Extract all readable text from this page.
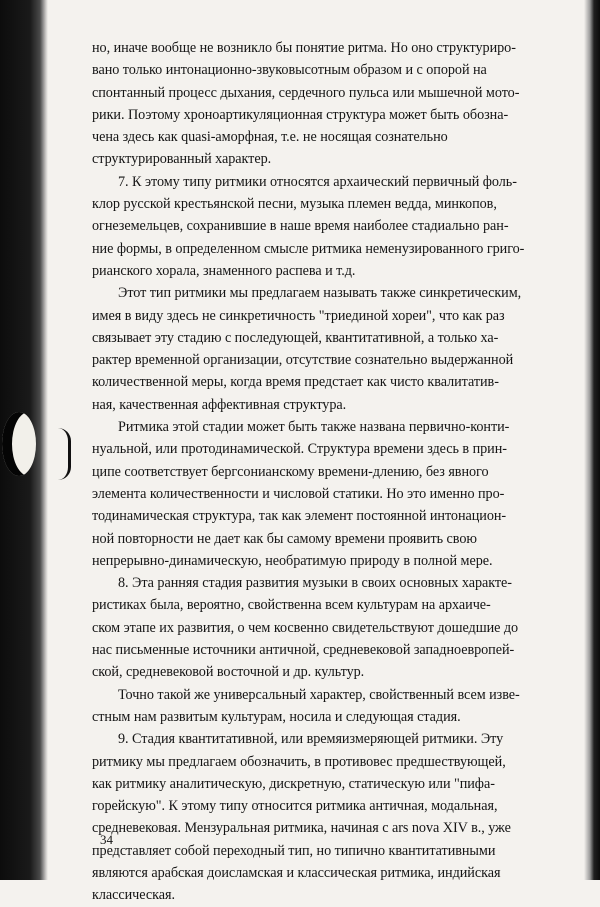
но, иначе вообще не возникло бы понятие ритма. Но оно структуриро-
вано только интонационно-звуковысотным образом и с опорой на
спонтанный процесс дыхания, сердечного пульса или мышечной мото-
рики. Поэтому хроноартикуляционная структура может быть обозна-
чена здесь как quasi-аморфная, т.е. не носящая сознательно
структурированный характер.
7. К этому типу ритмики относятся архаический первичный фоль-
клор русской крестьянской песни, музыка племен ведда, минкопов,
огнеземельцев, сохранившие в наше время наиболее стадиально ран-
ние формы, в определенном смысле ритмика неменузированного григо-
рианского хорала, знаменного распева и т.д.
Этот тип ритмики мы предлагаем называть также синкретическим,
имея в виду здесь не синкретичность "триединой хореи", что как раз
связывает эту стадию с последующей, квантитативной, а только ха-
рактер временной организации, отсутствие сознательно выдержанной
количественной меры, когда время предстает как чисто квалитатив-
ная, качественная аффективная структура.
Ритмика этой стадии может быть также названа первично-конти-
нуальной, или протодинамической. Структура времени здесь в прин-
ципе соответствует бергсонианскому времени-длению, без явного
элемента количественности и числовой статики. Но это именно про-
тодинамическая структура, так как элемент постоянной интонацион-
ной повторности не дает как бы самому времени проявить свою
непрерывно-динамическую, необратимую природу в полной мере.
8. Эта ранняя стадия развития музыки в своих основных характе-
ристиках была, вероятно, свойственна всем культурам на архаиче-
ском этапе их развития, о чем косвенно свидетельствуют дошедшие до
нас письменные источники античной, средневековой западноевропей-
ской, средневековой восточной и др. культур.
Точно такой же универсальный характер, свойственный всем изве-
стным нам развитым культурам, носила и следующая стадия.
9. Стадия квантитативной, или времяизмеряющей ритмики. Эту
ритмику мы предлагаем обозначить, в противовес предшествующей,
как ритмику аналитическую, дискретную, статическую или "пифа-
горейскую". К этому типу относится ритмика античная, модальная,
средневековая. Мензуральная ритмика, начиная с ars nova XIV в., уже
представляет собой переходный тип, но типично квантитативными
являются арабская доисламская и классическая ритмика, индийская
классическая.
34
